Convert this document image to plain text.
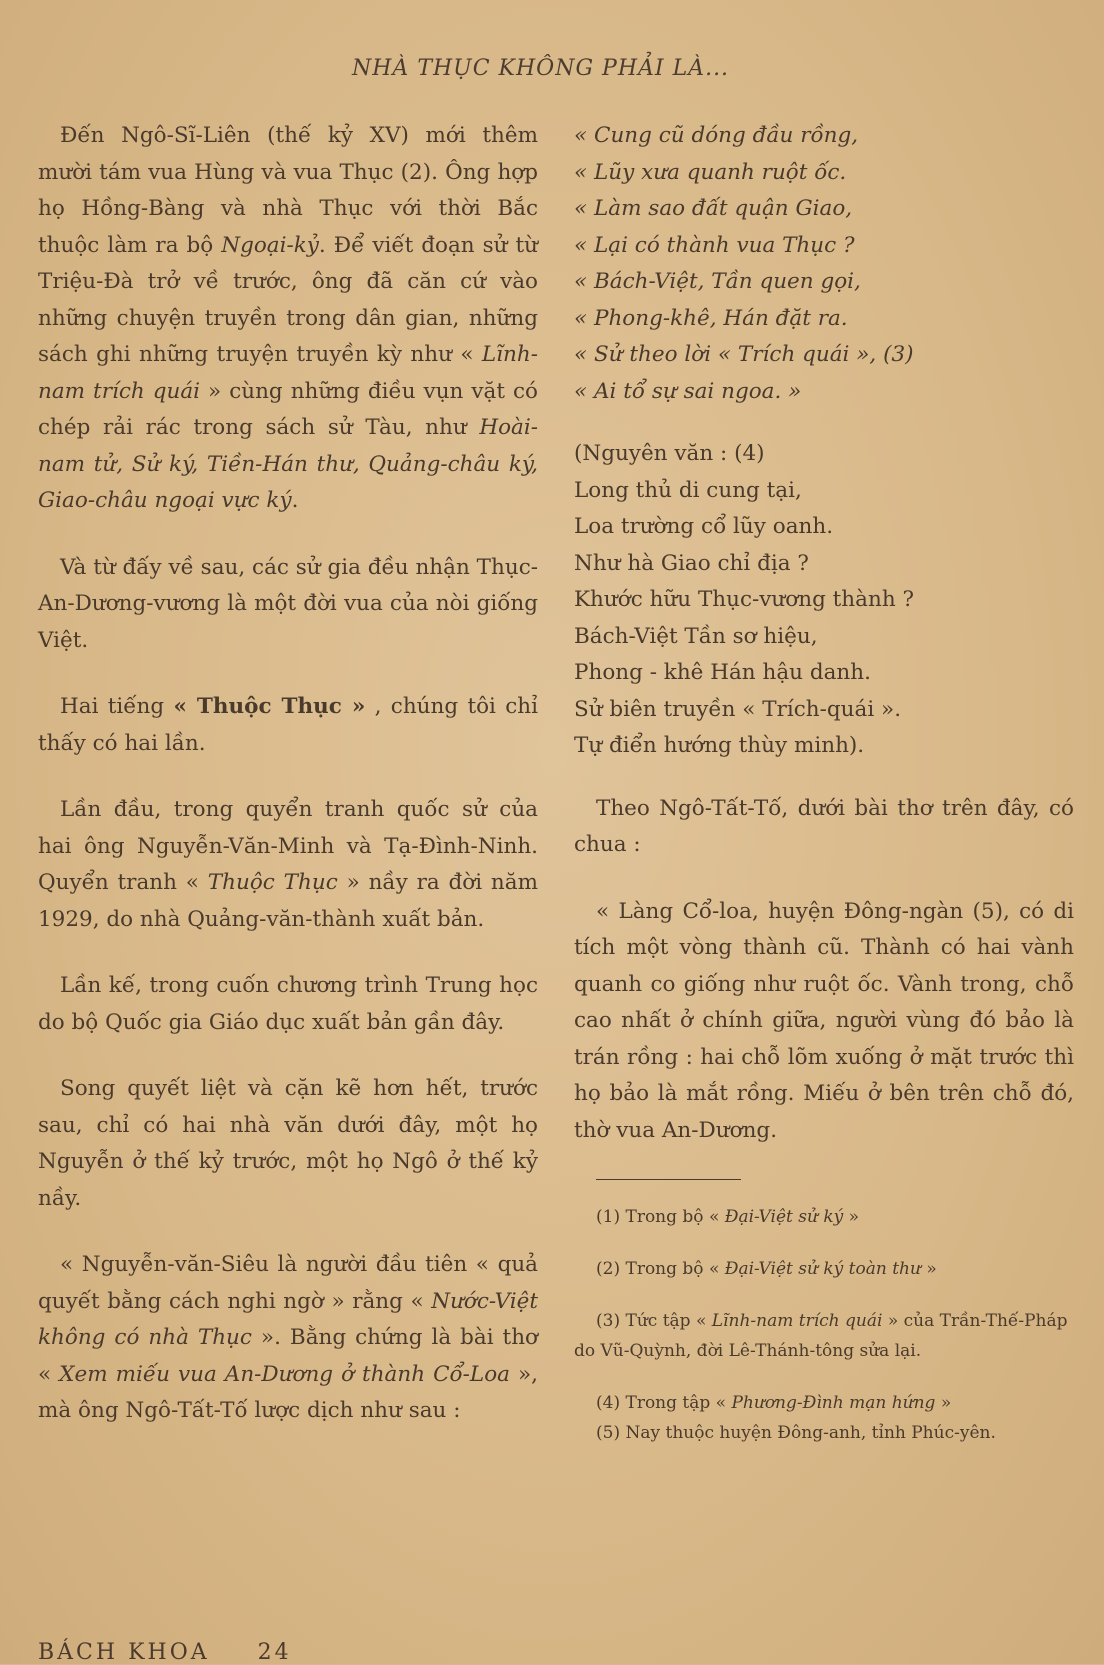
NHÀ THỤC KHÔNG PHẢI LÀ...

Đến Ngô-Sĩ-Liên (thế kỷ XV) mới thêm mười tám vua Hùng và vua Thục (2). Ông hợp họ Hồng-Bàng và nhà Thục với thời Bắc thuộc làm ra bộ Ngoại-kỷ. Để viết đoạn sử từ Triệu-Đà trở về trước, ông đã căn cứ vào những chuyện truyền trong dân gian, những sách ghi những truyện truyền kỳ như « Lĩnh-nam trích quái » cùng những điều vụn vặt có chép rải rác trong sách sử Tàu, như Hoài-nam tử, Sử ký, Tiền-Hán thư, Quảng-châu ký, Giao-châu ngoại vực ký.

Và từ đấy về sau, các sử gia đều nhận Thục-An-Dương-vương là một đời vua của nòi giống Việt.

Hai tiếng « Thuộc Thục » , chúng tôi chỉ thấy có hai lần.

Lần đầu, trong quyển tranh quốc sử của hai ông Nguyễn-Văn-Minh và Tạ-Đình-Ninh. Quyển tranh « Thuộc Thục » nầy ra đời năm 1929, do nhà Quảng-văn-thành xuất bản.

Lần kế, trong cuốn chương trình Trung học do bộ Quốc gia Giáo dục xuất bản gần đây.

Song quyết liệt và cặn kẽ hơn hết, trước sau, chỉ có hai nhà văn dưới đây, một họ Nguyễn ở thế kỷ trước, một họ Ngô ở thế kỷ nầy.

« Nguyễn-văn-Siêu là người đầu tiên « quả quyết bằng cách nghi ngờ » rằng « Nước-Việt không có nhà Thục ». Bằng chứng là bài thơ « Xem miếu vua An-Dương ở thành Cổ-Loa », mà ông Ngô-Tất-Tố lược dịch như sau :

« Cung cũ dóng đầu rồng,
« Lũy xưa quanh ruột ốc.
« Làm sao đất quận Giao,
« Lại có thành vua Thục ?
« Bách-Việt, Tần quen gọi,
« Phong-khê, Hán đặt ra.
« Sử theo lời « Trích quái », (3)
« Ai tổ sự sai ngoa. »
(Nguyên văn : (4)
Long thủ di cung tại,
Loa trường cổ lũy oanh.
Như hà Giao chỉ địa ?
Khước hữu Thục-vương thành ?
Bách-Việt Tần sơ hiệu,
Phong - khê Hán hậu danh.
Sử biên truyền « Trích-quái ».
Tự điển hướng thùy minh).

Theo Ngô-Tất-Tố, dưới bài thơ trên đây, có chua :

« Làng Cổ-loa, huyện Đông-ngàn (5), có di tích một vòng thành cũ. Thành có hai vành quanh co giống như ruột ốc. Vành trong, chỗ cao nhất ở chính giữa, người vùng đó bảo là trán rồng : hai chỗ lõm xuống ở mặt trước thì họ bảo là mắt rồng. Miếu ở bên trên chỗ đó, thờ vua An-Dương.

(1) Trong bộ « Đại-Việt sử ký »

(2) Trong bộ « Đại-Việt sử ký toàn thư »

(3) Tức tập « Lĩnh-nam trích quái » của Trần-Thế-Pháp do Vũ-Quỳnh, đời Lê-Thánh-tông sửa lại.

(4) Trong tập « Phương-Đình mạn hứng »

(5) Nay thuộc huyện Đông-anh, tỉnh Phúc-yên.

BÁCH KHOA 24
